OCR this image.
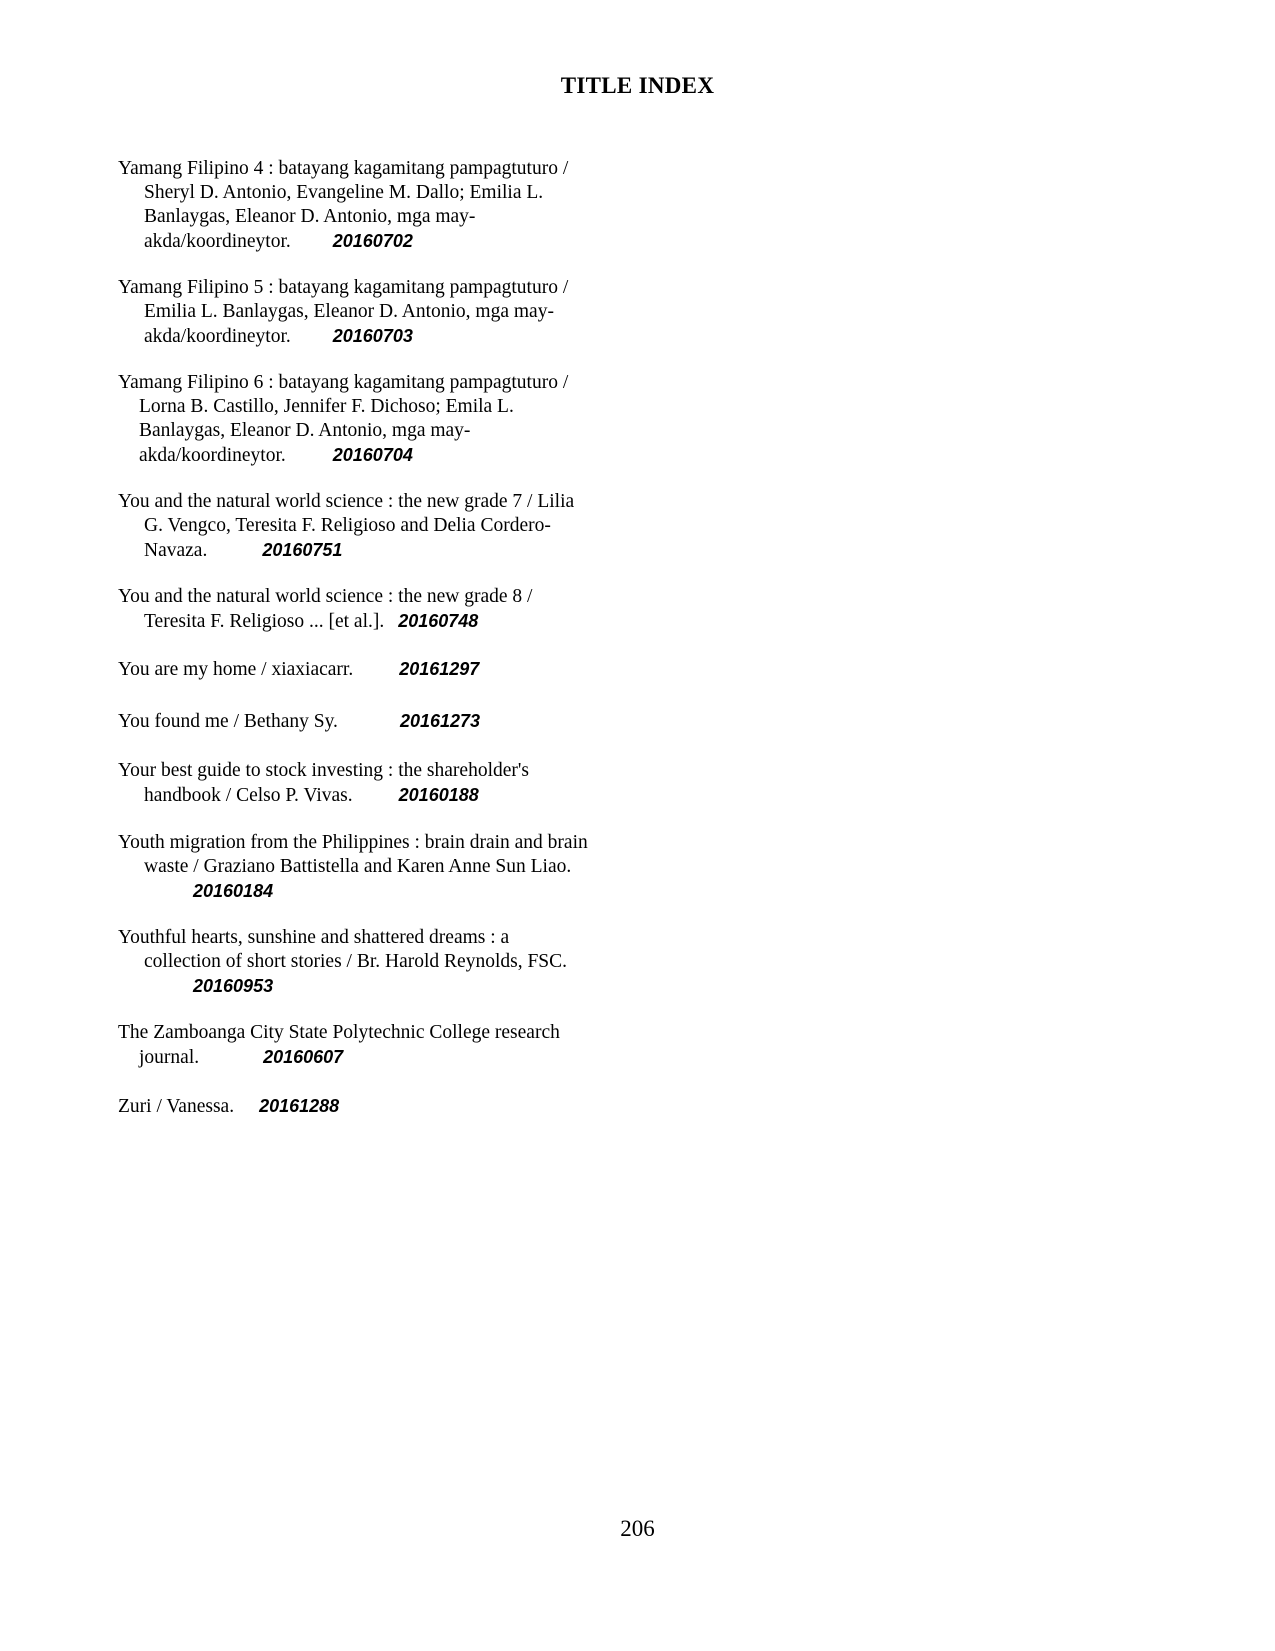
TITLE INDEX
Yamang Filipino 4 : batayang kagamitang pampagtuturo /
Sheryl D. Antonio, Evangeline M. Dallo; Emilia L.
Banlaygas, Eleanor D. Antonio, mga may-
akda/koordineytor. 20160702
Yamang Filipino 5 : batayang kagamitang pampagtuturo /
Emilia L. Banlaygas, Eleanor D. Antonio, mga may-
akda/koordineytor. 20160703
Yamang Filipino 6 : batayang kagamitang pampagtuturo /
Lorna B. Castillo, Jennifer F. Dichoso; Emila L.
Banlaygas, Eleanor D. Antonio, mga may-
akda/koordineytor.	20160704
You and the natural world science : the new grade 7 / Lilia
G. Vengco, Teresita F. Religioso and Delia Cordero-
Navaza.	20160751
You and the natural world science : the new grade 8 /
Teresita F. Religioso ... [et al.]. 20160748
You are my home / xiaxiacarr.	20161297
You found me / Bethany Sy.	20161273
Your best guide to stock investing : the shareholder's
handbook / Celso P. Vivas.	20160188
Youth migration from the Philippines : brain drain and brain
waste / Graziano Battistella and Karen Anne Sun Liao.
20160184
Youthful hearts, sunshine and shattered dreams : a
collection of short stories / Br. Harold Reynolds, FSC.
20160953
The Zamboanga City State Polytechnic College research
journal.	20160607
Zuri / Vanessa. 20161288
206
